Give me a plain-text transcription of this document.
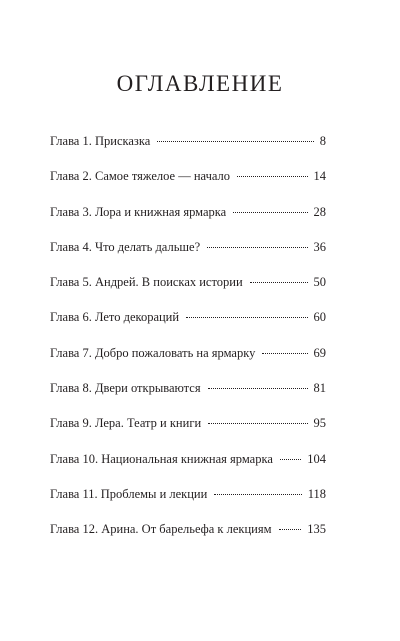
ОГЛАВЛЕНИЕ
Глава 1. Присказка	8
Глава 2. Самое тяжелое — начало	14
Глава 3. Лора и книжная ярмарка	28
Глава 4. Что делать дальше?	36
Глава 5. Андрей. В поисках истории	50
Глава 6. Лето декораций	60
Глава 7. Добро пожаловать на ярмарку	69
Глава 8. Двери открываются	81
Глава 9. Лера. Театр и книги	95
Глава 10. Национальная книжная ярмарка	104
Глава 11. Проблемы и лекции	118
Глава 12. Арина. От барельефа к лекциям	135
